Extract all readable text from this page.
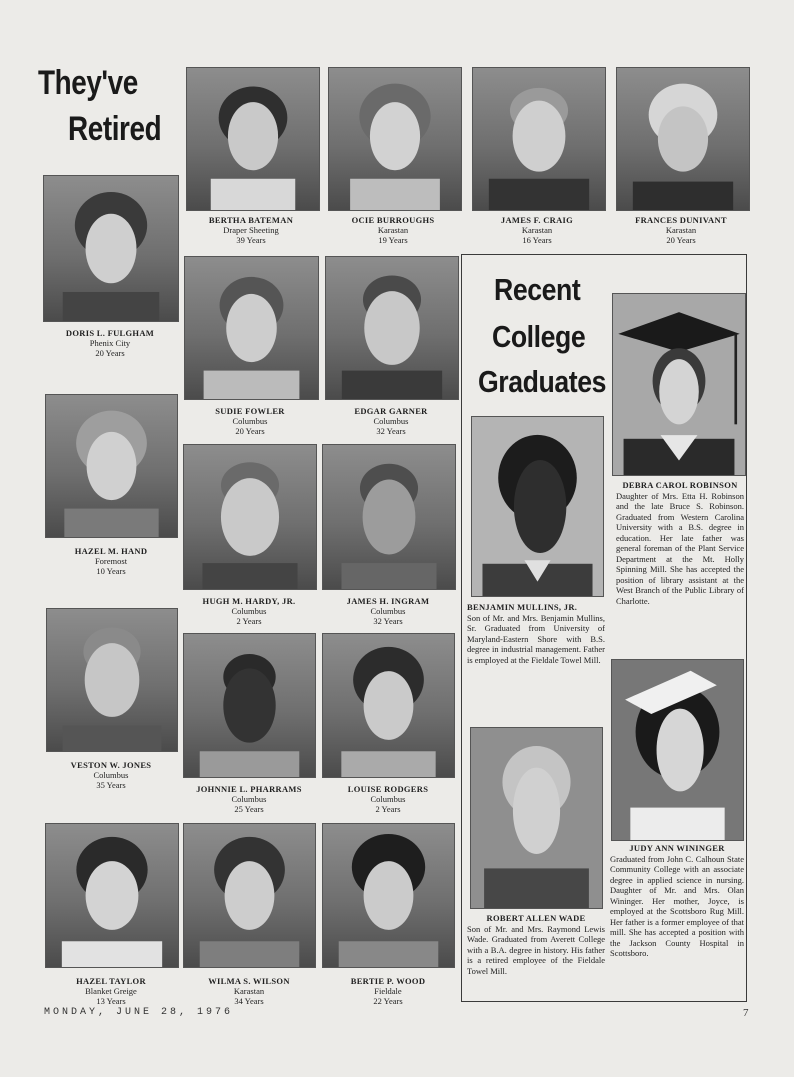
They've
Retired
BERTHA BATEMAN
Draper Sheeting
39 Years
OCIE BURROUGHS
Karastan
19 Years
JAMES F. CRAIG
Karastan
16 Years
FRANCES DUNIVANT
Karastan
20 Years
DORIS L. FULGHAM
Phenix City
20 Years
SUDIE FOWLER
Columbus
20 Years
EDGAR GARNER
Columbus
32 Years
HAZEL M. HAND
Foremost
10 Years
HUGH M. HARDY, JR.
Columbus
2 Years
JAMES H. INGRAM
Columbus
32 Years
VESTON W. JONES
Columbus
35 Years	JOHNNIE L. PHARRAMS
Columbus
25 Years
LOUISE RODGERS
Columbus
2 Years
HAZEL TAYLOR
Blanket Greige
13 Years
WILMA S. WILSON
Karastan
34 Years
BERTIE P. WOOD
Fieldale
22 Years
Recent
College
Graduates
DEBRA CAROL ROBINSON
Daughter of Mrs. Etta H. Robinson and the late Bruce S. Robinson. Graduated from Western Carolina University with a B.S. degree in education. Her late father was general foreman of the Plant Service Department at the Mt. Holly Spinning Mill. She has accepted the position of library assistant at the West Branch of the Public Library of Charlotte.
BENJAMIN MULLINS, JR.
Son of Mr. and Mrs. Benjamin Mullins, Sr. Graduated from University of Maryland-Eastern Shore with B.S. degree in industrial management. Father is employed at the Fieldale Towel Mill.
JUDY ANN WININGER
Graduated from John C. Calhoun State Community College with an associate degree in applied science in nursing. Daughter of Mr. and Mrs. Olan Wininger. Her mother, Joyce, is employed at the Scottsboro Rug Mill. Her father is a former employee of that mill. She has accepted a position with the Jackson County Hospital in Scottsboro.
ROBERT ALLEN WADE
Son of Mr. and Mrs. Raymond Lewis Wade. Graduated from Averett College with a B.A. degree in history. His father is a retired employee of the Fieldale Towel Mill.
MONDAY, JUNE 28, 1976	7
